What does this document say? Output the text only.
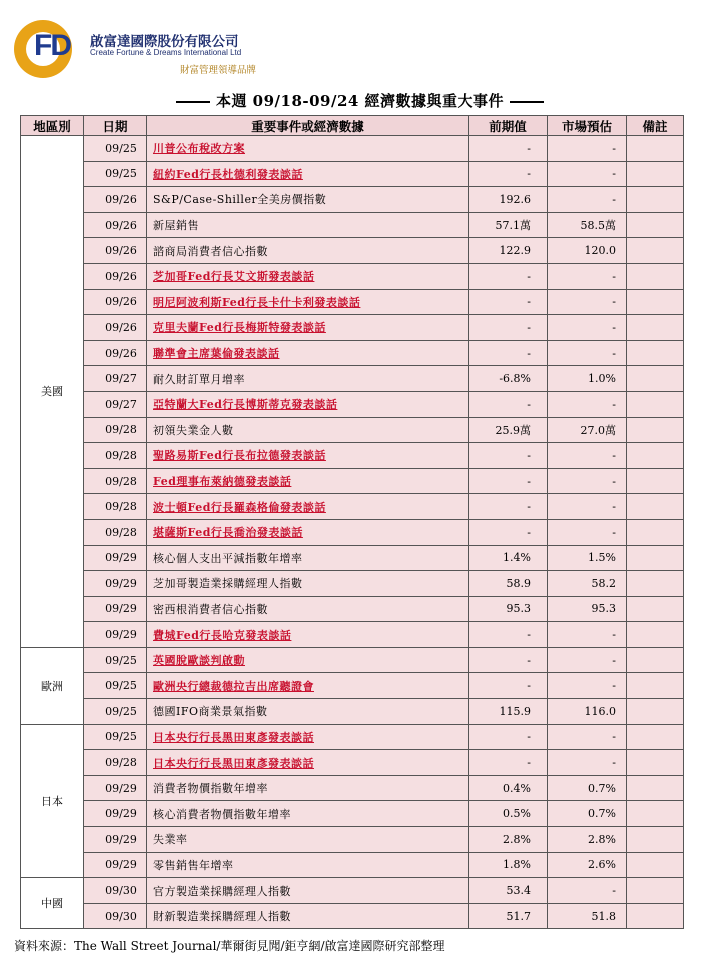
FD 啟富達國際股份有限公司
Create Fortune & Dreams International Ltd
財富管理領導品牌
本週 09/18-09/24 經濟數據與重大事件
地區別	日期	重要事件或經濟數據	前期值	市場預估	備註
美國	09/25	川普公布稅改方案	-	-	
	09/25	紐約Fed行長杜德利發表談話	-	-	
	09/26	S&P/Case-Shiller全美房價指數	192.6	-	
	09/26	新屋銷售	57.1萬	58.5萬	
	09/26	諮商局消費者信心指數	122.9	120.0	
	09/26	芝加哥Fed行長艾文斯發表談話	-	-	
	09/26	明尼阿波利斯Fed行長卡什卡利發表談話	-	-	
	09/26	克里夫蘭Fed行長梅斯特發表談話	-	-	
	09/26	聯準會主席葉倫發表談話	-	-	
	09/27	耐久財訂單月增率	-6.8%	1.0%	
	09/27	亞特蘭大Fed行長博斯蒂克發表談話	-	-	
	09/28	初領失業金人數	25.9萬	27.0萬	
	09/28	聖路易斯Fed行長布拉德發表談話	-	-	
	09/28	Fed理事布萊納德發表談話	-	-	
	09/28	波士頓Fed行長羅森格倫發表談話	-	-	
	09/28	堪薩斯Fed行長喬治發表談話	-	-	
	09/29	核心個人支出平減指數年增率	1.4%	1.5%	
	09/29	芝加哥製造業採購經理人指數	58.9	58.2	
	09/29	密西根消費者信心指數	95.3	95.3	
	09/29	費城Fed行長哈克發表談話	-	-	
歐洲	09/25	英國脫歐談判啟動	-	-	
	09/25	歐洲央行總裁德拉吉出席聽證會	-	-	
	09/25	德國IFO商業景氣指數	115.9	116.0	
日本	09/25	日本央行行長黑田東彥發表談話	-	-	
	09/28	日本央行行長黑田東彥發表談話	-	-	
	09/29	消費者物價指數年增率	0.4%	0.7%	
	09/29	核心消費者物價指數年增率	0.5%	0.7%	
	09/29	失業率	2.8%	2.8%	
	09/29	零售銷售年增率	1.8%	2.6%	
中國	09/30	官方製造業採購經理人指數	53.4	-	
	09/30	財新製造業採購經理人指數	51.7	51.8	
資料來源：The Wall Street Journal/華爾街見聞/鉅亨網/啟富達國際研究部整理
